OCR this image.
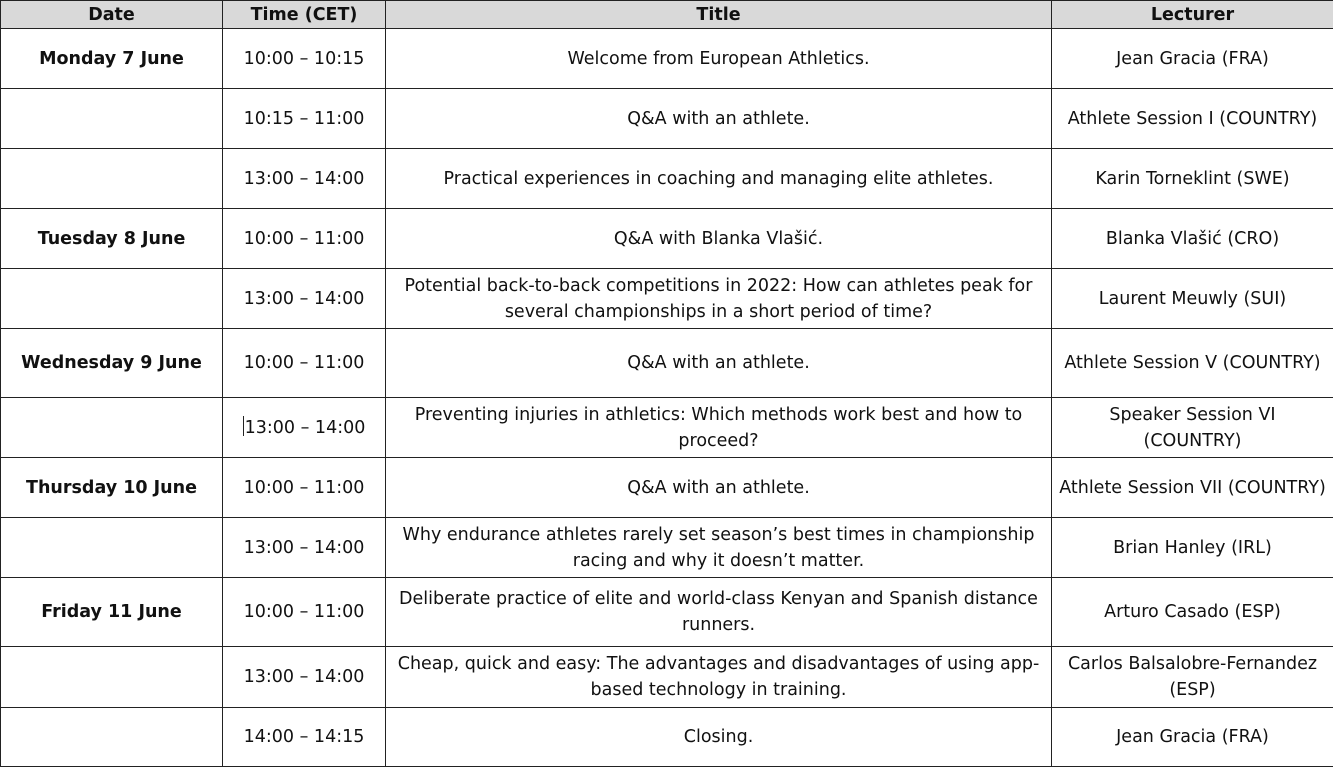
Date	Time (CET)	Title	Lecturer
Monday 7 June	10:00 – 10:15	Welcome from European Athletics.	Jean Gracia (FRA)
	10:15 – 11:00	Q&A with an athlete.	Athlete Session I (COUNTRY)
	13:00 – 14:00	Practical experiences in coaching and managing elite athletes.	Karin Torneklint (SWE)
Tuesday 8 June	10:00 – 11:00	Q&A with Blanka Vlašić.	Blanka Vlašić (CRO)
	13:00 – 14:00	Potential back-to-back competitions in 2022: How can athletes peak for several championships in a short period of time?	Laurent Meuwly (SUI)
Wednesday 9 June	10:00 – 11:00	Q&A with an athlete.	Athlete Session V (COUNTRY)
	13:00 – 14:00	Preventing injuries in athletics: Which methods work best and how to proceed?	Speaker Session VI (COUNTRY)
Thursday 10 June	10:00 – 11:00	Q&A with an athlete.	Athlete Session VII (COUNTRY)
	13:00 – 14:00	Why endurance athletes rarely set season’s best times in championship racing and why it doesn’t matter.	Brian Hanley (IRL)
Friday 11 June	10:00 – 11:00	Deliberate practice of elite and world-class Kenyan and Spanish distance runners.	Arturo Casado (ESP)
	13:00 – 14:00	Cheap, quick and easy: The advantages and disadvantages of using app-based technology in training.	Carlos Balsalobre-Fernandez (ESP)
	14:00 – 14:15	Closing.	Jean Gracia (FRA)
